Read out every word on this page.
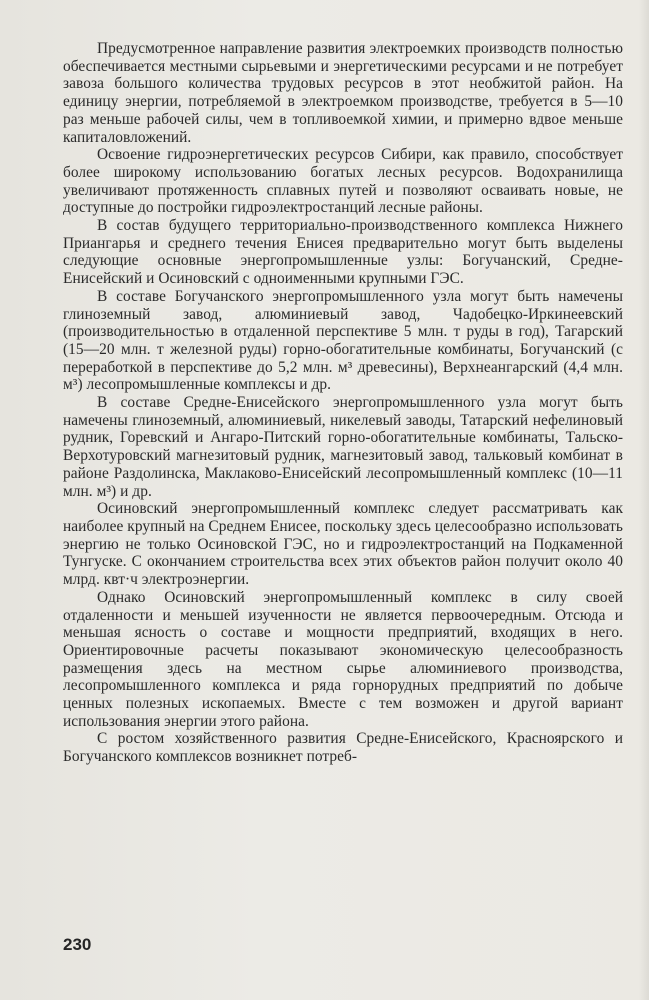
Предусмотренное направление развития электроемких производств полностью обеспечивается местными сырьевыми и энергетическими ресурсами и не потребует завоза большого количества трудовых ресурсов в этот необжитой район. На единицу энергии, потребляемой в электроемком производстве, требуется в 5—10 раз меньше рабочей силы, чем в топливоемкой химии, и примерно вдвое меньше капиталовложений.

Освоение гидроэнергетических ресурсов Сибири, как правило, способствует более широкому использованию богатых лесных ресурсов. Водохранилища увеличивают протяженность сплавных путей и позволяют осваивать новые, не доступные до постройки гидроэлектростанций лесные районы.

В состав будущего территориально-производственного комплекса Нижнего Приангарья и среднего течения Енисея предварительно могут быть выделены следующие основные энергопромышленные узлы: Богучанский, Средне-Енисейский и Осиновский с одноименными крупными ГЭС.

В составе Богучанского энергопромышленного узла могут быть намечены глиноземный завод, алюминиевый завод, Чадобецко-Иркинеевский (производительностью в отдаленной перспективе 5 млн. т руды в год), Тагарский (15—20 млн. т железной руды) горно-обогатительные комбинаты, Богучанский (с переработкой в перспективе до 5,2 млн. м³ древесины), Верхнеангарский (4,4 млн. м³) лесопромышленные комплексы и др.

В составе Средне-Енисейского энергопромышленного узла могут быть намечены глиноземный, алюминиевый, никелевый заводы, Татарский нефелиновый рудник, Горевский и Ангаро-Питский горно-обогатительные комбинаты, Тальско-Верхотуровский магнезитовый рудник, магнезитовый завод, тальковый комбинат в районе Раздолинска, Маклаково-Енисейский лесопромышленный комплекс (10—11 млн. м³) и др.

Осиновский энергопромышленный комплекс следует рассматривать как наиболее крупный на Среднем Енисее, поскольку здесь целесообразно использовать энергию не только Осиновской ГЭС, но и гидроэлектростанций на Подкаменной Тунгуске. С окончанием строительства всех этих объектов район получит около 40 млрд. квт·ч электроэнергии.

Однако Осиновский энергопромышленный комплекс в силу своей отдаленности и меньшей изученности не является первоочередным. Отсюда и меньшая ясность о составе и мощности предприятий, входящих в него. Ориентировочные расчеты показывают экономическую целесообразность размещения здесь на местном сырье алюминиевого производства, лесопромышленного комплекса и ряда горнорудных предприятий по добыче ценных полезных ископаемых. Вместе с тем возможен и другой вариант использования энергии этого района.

С ростом хозяйственного развития Средне-Енисейского, Красноярского и Богучанского комплексов возникнет потреб-

230
